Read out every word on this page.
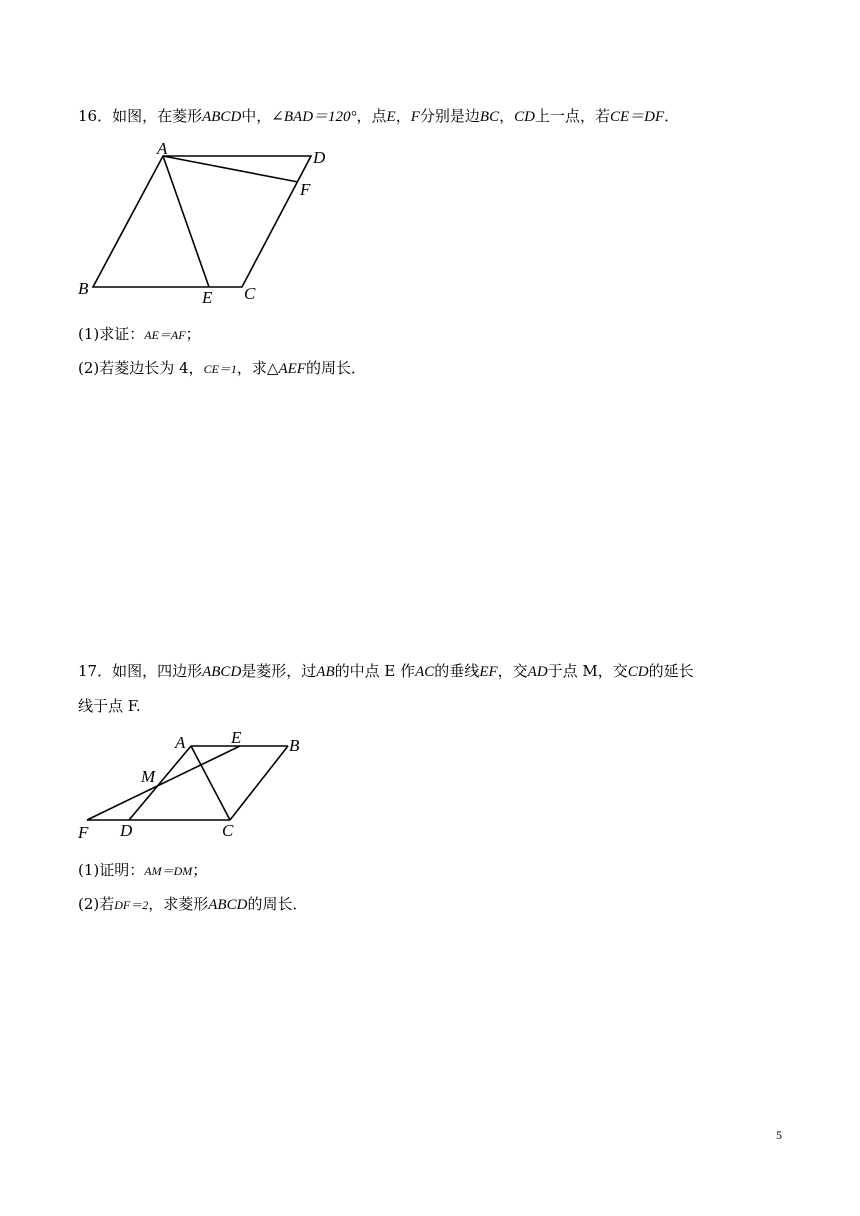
16．如图，在菱形ABCD中，∠BAD＝120°，点E，F分别是边BC，CD上一点，若CE＝DF．
A	D
F
B	E C
(1)求证：AE＝AF；
(2)若菱边长为 4，CE＝1，求△AEF的周长．
17．如图，四边形ABCD是菱形，过AB的中点 E 作AC的垂线EF，交AD于点 M，交CD的延长
线于点 F.
A	E	B
M
F D	C
(1)证明：AM＝DM；
(2)若DF＝2，求菱形ABCD的周长．
5
